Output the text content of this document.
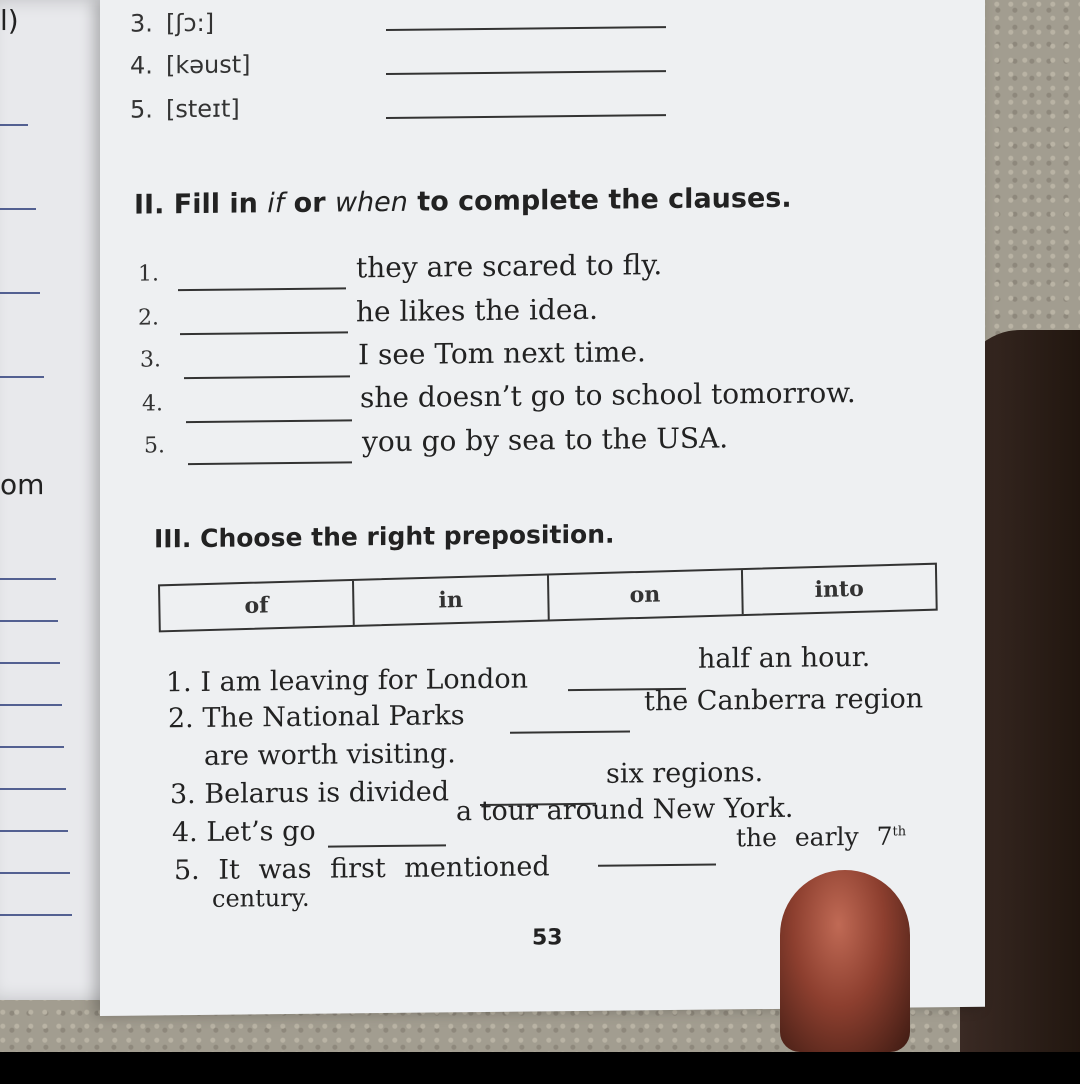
l)
om
3. [ʃɔ:]
4. [kəust]
5. [steɪt]
II. Fill in if or when to complete the clauses.
1.	they are scared to fly.
2.	he likes the idea.
3.	I see Tom next time.
4.	she doesn’t go to school tomorrow.
5.	you go by sea to the USA.
III. Choose the right preposition.
of	in	on	into
1. I am leaving for London
half an hour.
2. The National Parks	the Canberra region
are worth visiting.
3. Belarus is divided
six regions.
4. Let’s go
a tour around New York.
5. It was first mentioned
the early 7th
century.
53
